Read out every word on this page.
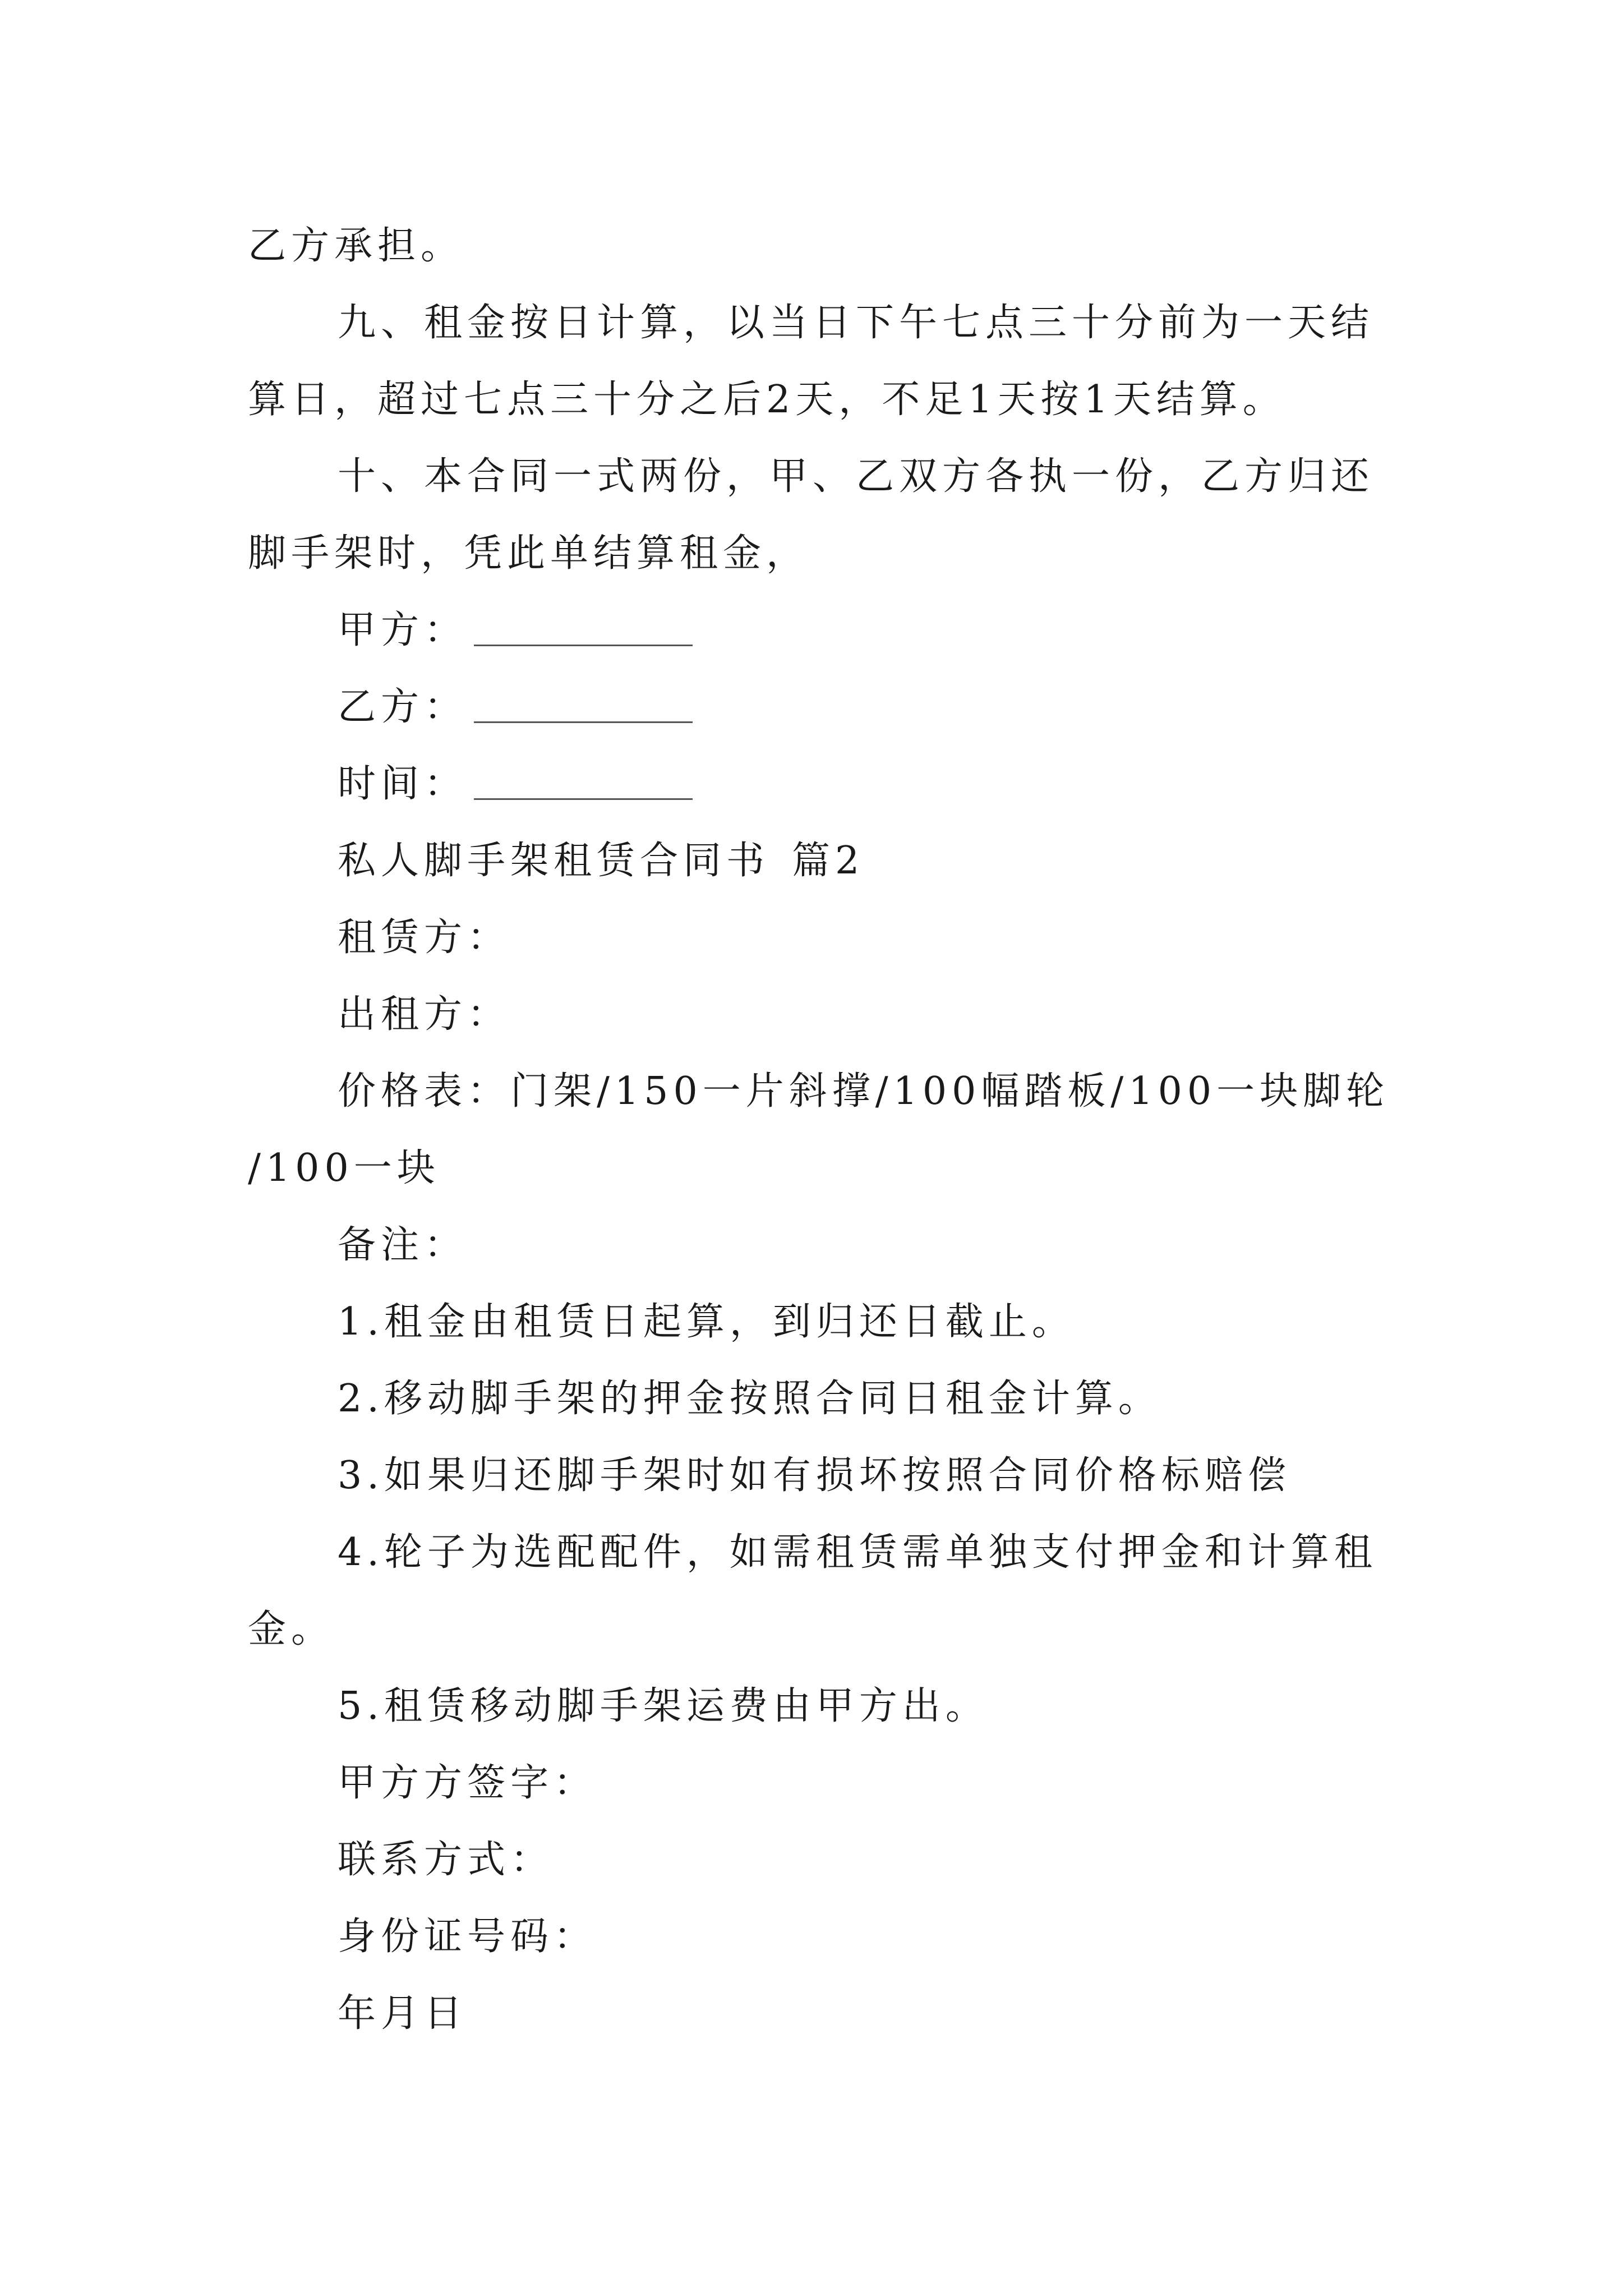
乙方承担。
九、租金按日计算，以当日下午七点三十分前为一天结
算日，超过七点三十分之后2天，不足1天按1天结算。
十、本合同一式两份，甲、乙双方各执一份，乙方归还
脚手架时，凭此单结算租金，
甲方：
乙方：
时间：
私人脚手架租赁合同书 篇2
租赁方：
出租方：
价格表：门架/150一片斜撑/100幅踏板/100一块脚轮
/100一块
备注：
1.租金由租赁日起算，到归还日截止。
2.移动脚手架的押金按照合同日租金计算。
3.如果归还脚手架时如有损坏按照合同价格标赔偿
4.轮子为选配配件，如需租赁需单独支付押金和计算租
金。
5.租赁移动脚手架运费由甲方出。
甲方方签字：
联系方式：
身份证号码：
年月日
